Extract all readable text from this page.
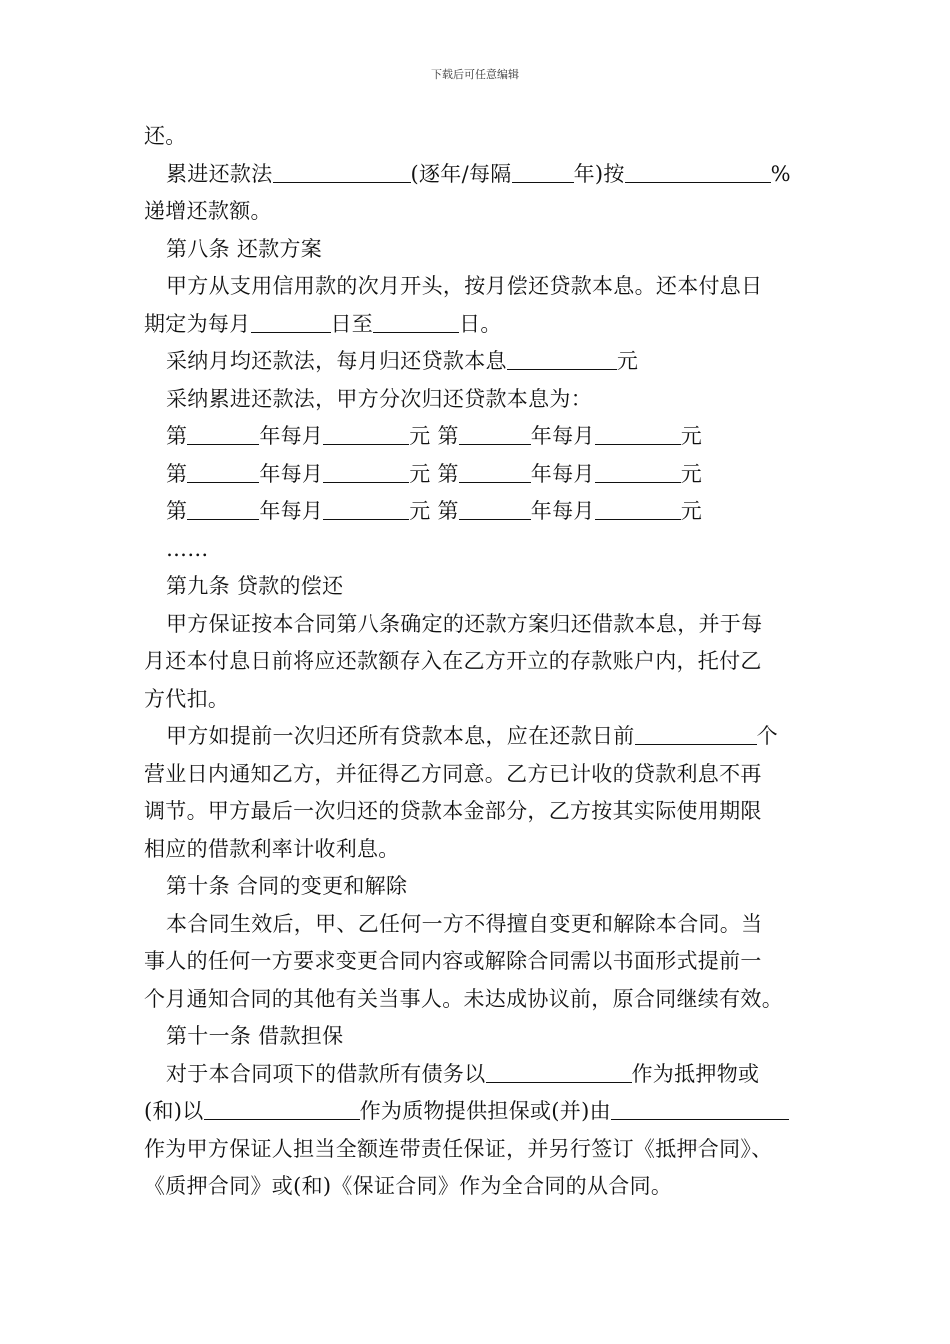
下载后可任意编辑
还。
累进还款法	(逐年/每隔	年)按	%
递增还款额。
第八条 还款方案
甲方从支用信用款的次月开头，按月偿还贷款本息。还本付息日
期定为每月	日至	日。
采纳月均还款法，每月归还贷款本息	元
采纳累进还款法，甲方分次归还贷款本息为：
第	年每月	元 第	年每月	元
第	年每月	元 第	年每月	元
第	年每月	元 第	年每月	元
……
第九条 贷款的偿还
甲方保证按本合同第八条确定的还款方案归还借款本息，并于每
月还本付息日前将应还款额存入在乙方开立的存款账户内，托付乙
方代扣。
甲方如提前一次归还所有贷款本息，应在还款日前	个
营业日内通知乙方，并征得乙方同意。乙方已计收的贷款利息不再
调节。甲方最后一次归还的贷款本金部分，乙方按其实际使用期限
相应的借款利率计收利息。
第十条 合同的变更和解除
本合同生效后，甲、乙任何一方不得擅自变更和解除本合同。当
事人的任何一方要求变更合同内容或解除合同需以书面形式提前一
个月通知合同的其他有关当事人。未达成协议前，原合同继续有效。
第十一条 借款担保
对于本合同项下的借款所有债务以	作为抵押物或
(和)以	作为质物提供担保或(并)由
作为甲方保证人担当全额连带责任保证，并另行签订《抵押合同》、
《质押合同》或(和)《保证合同》作为全合同的从合同。
